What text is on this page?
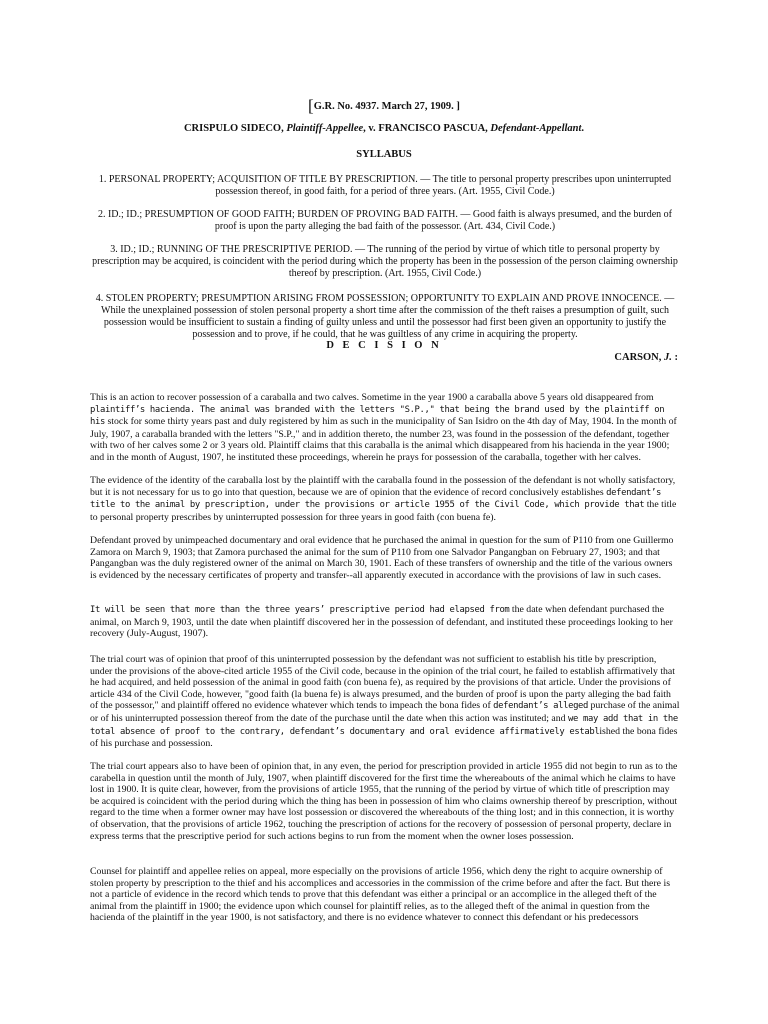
[G.R. No. 4937. March 27, 1909. ]
CRISPULO SIDECO, Plaintiff-Appellee, v. FRANCISCO PASCUA, Defendant-Appellant.
SYLLABUS
1. PERSONAL PROPERTY; ACQUISITION OF TITLE BY PRESCRIPTION. — The title to personal property prescribes upon uninterrupted possession thereof, in good faith, for a period of three years. (Art. 1955, Civil Code.)
2. ID.; ID.; PRESUMPTION OF GOOD FAITH; BURDEN OF PROVING BAD FAITH. — Good faith is always presumed, and the burden of proof is upon the party alleging the bad faith of the possessor. (Art. 434, Civil Code.)
3. ID.; ID.; RUNNING OF THE PRESCRIPTIVE PERIOD. — The running of the period by virtue of which title to personal property by prescription may be acquired, is coincident with the period during which the property has been in the possession of the person claiming ownership thereof by prescription. (Art. 1955, Civil Code.)
4. STOLEN PROPERTY; PRESUMPTION ARISING FROM POSSESSION; OPPORTUNITY TO EXPLAIN AND PROVE INNOCENCE. — While the unexplained possession of stolen personal property a short time after the commission of the theft raises a presumption of guilt, such possession would be insufficient to sustain a finding of guilty unless and until the possessor had first been given an opportunity to justify the possession and to prove, if he could, that he was guiltless of any crime in acquiring the property.
D E C I S I O N
CARSON, J. :
This is an action to recover possession of a caraballa and two calves. Sometime in the year 1900 a caraballa above 5 years old disappeared from plaintiff’s hacienda. The animal was branded with the letters "S.P.," that being the brand used by the plaintiff on his stock for some thirty years past and duly registered by him as such in the municipality of San Isidro on the 4th day of May, 1904. In the month of July, 1907, a caraballa branded with the letters "S.P.," and in addition thereto, the number 23, was found in the possession of the defendant, together with two of her calves some 2 or 3 years old. Plaintiff claims that this caraballa is the animal which disappeared from his hacienda in the year 1900; and in the month of August, 1907, he instituted these proceedings, wherein he prays for possession of the caraballa, together with her calves.
The evidence of the identity of the caraballa lost by the plaintiff with the caraballa found in the possession of the defendant is not wholly satisfactory, but it is not necessary for us to go into that question, because we are of opinion that the evidence of record conclusively establishes defendant’s title to the animal by prescription, under the provisions or article 1955 of the Civil Code, which provide that the title to personal property prescribes by uninterrupted possession for three years in good faith (con buena fe).
Defendant proved by unimpeached documentary and oral evidence that he purchased the animal in question for the sum of P110 from one Guillermo Zamora on March 9, 1903; that Zamora purchased the animal for the sum of P110 from one Salvador Pangangban on February 27, 1903; and that Pangangban was the duly registered owner of the animal on March 30, 1901. Each of these transfers of ownership and the title of the various owners is evidenced by the necessary certificates of property and transfer--all apparently executed in accordance with the provisions of law in such cases.
It will be seen that more than the three years’ prescriptive period had elapsed from the date when defendant purchased the animal, on March 9, 1903, until the date when plaintiff discovered her in the possession of defendant, and instituted these proceedings looking to her recovery (July-August, 1907).
The trial court was of opinion that proof of this uninterrupted possession by the defendant was not sufficient to establish his title by prescription, under the provisions of the above-cited article 1955 of the Civil code, because in the opinion of the trial court, he failed to establish affirmatively that he had acquired, and held possession of the animal in good faith (con buena fe), as required by the provisions of that article. Under the provisions of article 434 of the Civil Code, however, "good faith (la buena fe) is always presumed, and the burden of proof is upon the party alleging the bad faith of the possessor," and plaintiff offered no evidence whatever which tends to impeach the bona fides of defendant’s alleged purchase of the animal or of his uninterrupted possession thereof from the date of the purchase until the date when this action was instituted; and we may add that in the total absence of proof to the contrary, defendant’s documentary and oral evidence affirmatively established the bona fides of his purchase and possession.
The trial court appears also to have been of opinion that, in any even, the period for prescription provided in article 1955 did not begin to run as to the carabella in question until the month of July, 1907, when plaintiff discovered for the first time the whereabouts of the animal which he claims to have lost in 1900. It is quite clear, however, from the provisions of article 1955, that the running of the period by virtue of which title of prescription may be acquired is coincident with the period during which the thing has been in possession of him who claims ownership thereof by prescription, without regard to the time when a former owner may have lost possession or discovered the whereabouts of the thing lost; and in this connection, it is worthy of observation, that the provisions of article 1962, touching the prescription of actions for the recovery of possession of personal property, declare in express terms that the prescriptive period for such actions begins to run from the moment when the owner loses possession.
Counsel for plaintiff and appellee relies on appeal, more especially on the provisions of article 1956, which deny the right to acquire ownership of stolen property by prescription to the thief and his accomplices and accessories in the commission of the crime before and after the fact. But there is not a particle of evidence in the record which tends to prove that this defendant was either a principal or an accomplice in the alleged theft of the animal from the plaintiff in 1900; the evidence upon which counsel for plaintiff relies, as to the alleged theft of the animal in question from the hacienda of the plaintiff in the year 1900, is not satisfactory, and there is no evidence whatever to connect this defendant or his predecessors
